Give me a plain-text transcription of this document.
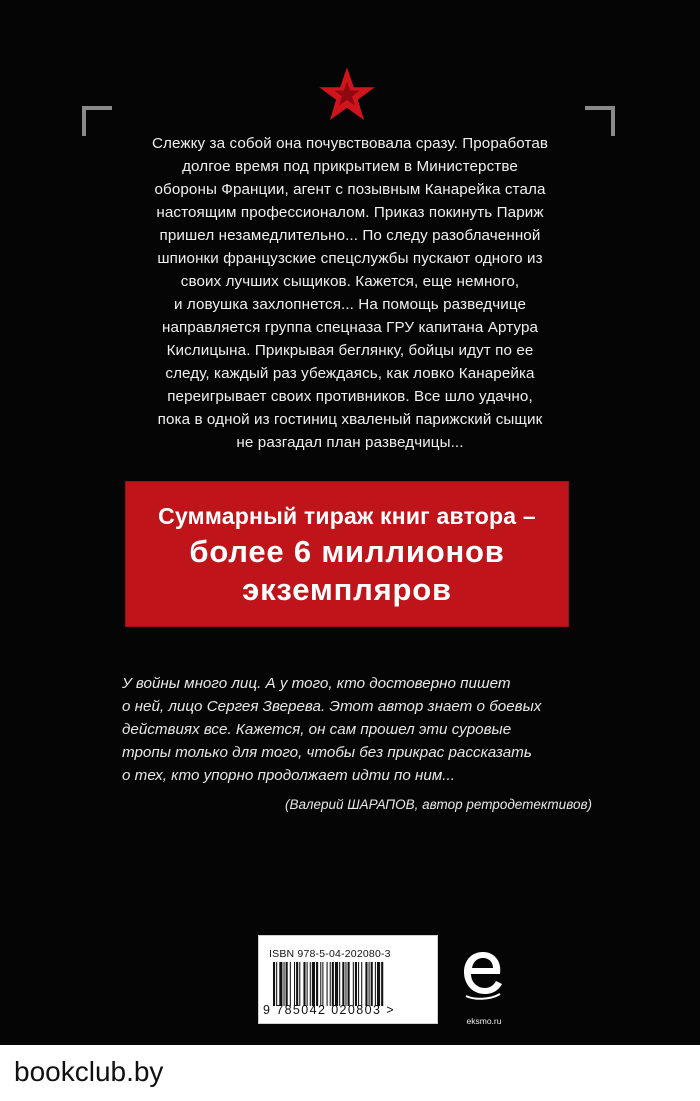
Слежку за собой она почувствовала сразу. Проработав
долгое время под прикрытием в Министерстве
обороны Франции, агент с позывным Канарейка стала
настоящим профессионалом. Приказ покинуть Париж
пришел незамедлительно... По следу разоблаченной
шпионки французские спецслужбы пускают одного из
своих лучших сыщиков. Кажется, еще немного,
и ловушка захлопнется... На помощь разведчице
направляется группа спецназа ГРУ капитана Артура
Кислицына. Прикрывая беглянку, бойцы идут по ее
следу, каждый раз убеждаясь, как ловко Канарейка
переигрывает своих противников. Все шло удачно,
пока в одной из гостиниц хваленый парижский сыщик
не разгадал план разведчицы...
Суммарный тираж книг автора –
более 6 миллионов
экземпляров
У войны много лиц. А у того, кто достоверно пишет
о ней, лицо Сергея Зверева. Этот автор знает о боевых
действиях все. Кажется, он сам прошел эти суровые
тропы только для того, чтобы без прикрас рассказать
о тех, кто упорно продолжает идти по ним...
(Валерий ШАРАПОВ, автор ретродетективов)
ISBN 978-5-04-202080-3
9 785042 020803 >
eksmo.ru
bookclub.by
